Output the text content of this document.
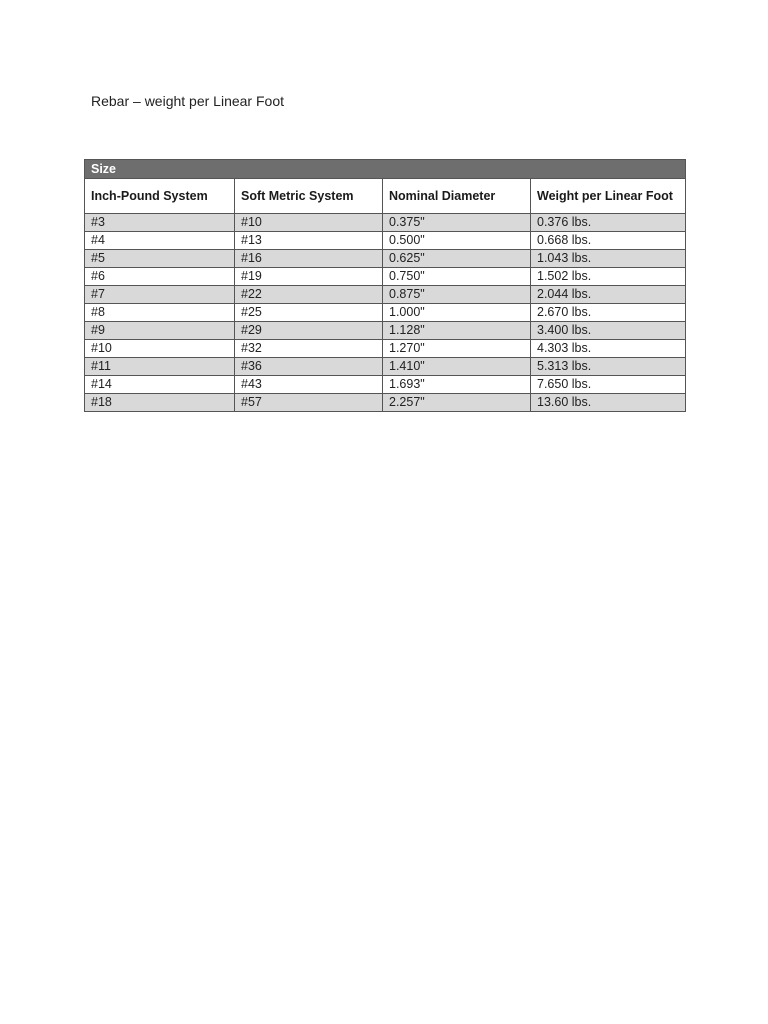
Rebar – weight per Linear Foot
Size			
Inch-Pound System	Soft Metric System	Nominal Diameter	Weight per Linear Foot
#3	#10	0.375"	0.376 lbs.
#4	#13	0.500"	0.668 lbs.
#5	#16	0.625"	1.043 lbs.
#6	#19	0.750"	1.502 lbs.
#7	#22	0.875"	2.044 lbs.
#8	#25	1.000"	2.670 lbs.
#9	#29	1.128"	3.400 lbs.
#10	#32	1.270"	4.303 lbs.
#11	#36	1.410"	5.313 lbs.
#14	#43	1.693"	7.650 lbs.
#18	#57	2.257"	13.60 lbs.
